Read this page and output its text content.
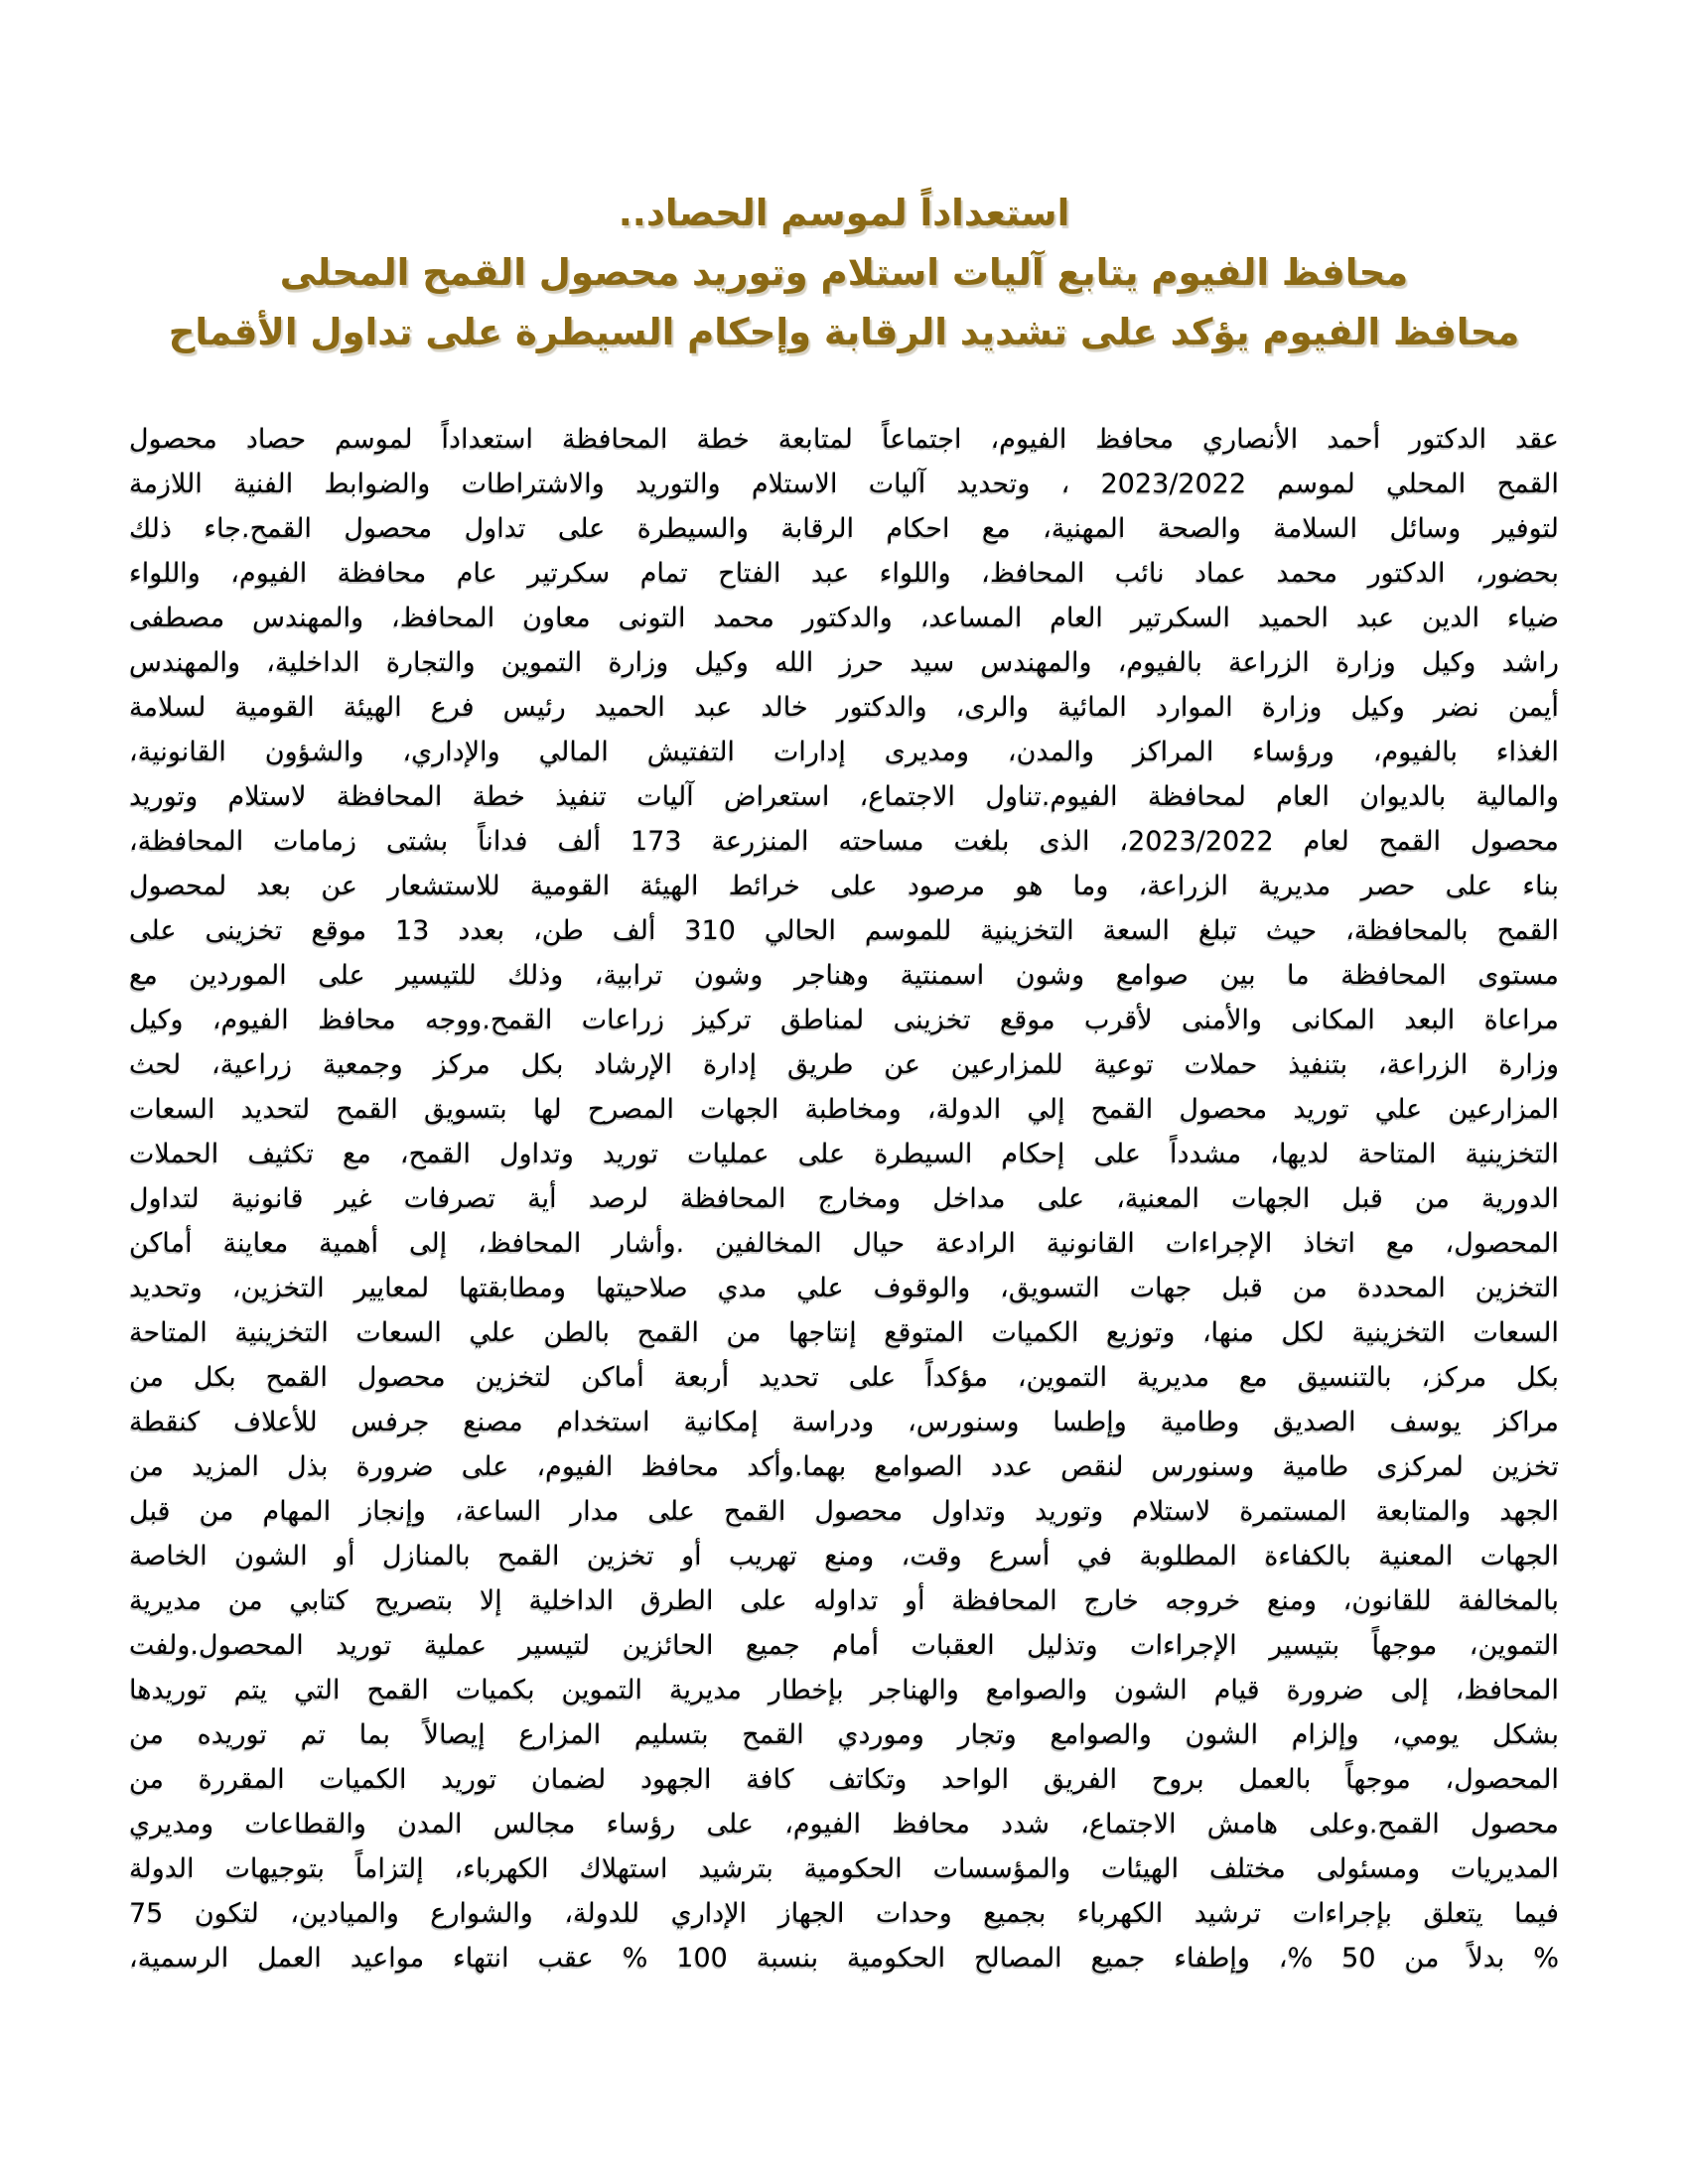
استعداداً لموسم الحصاد..
محافظ الفيوم يتابع آليات استلام وتوريد محصول القمح المحلى
محافظ الفيوم يؤكد على تشديد الرقابة وإحكام السيطرة على تداول الأقماح
عقد الدكتور أحمد الأنصاري محافظ الفيوم، اجتماعاً لمتابعة خطة المحافظة استعداداً لموسم حصاد محصول
القمح المحلي لموسم 2023/2022 ، وتحديد آليات الاستلام والتوريد والاشتراطات والضوابط الفنية اللازمة
لتوفير وسائل السلامة والصحة المهنية، مع احكام الرقابة والسيطرة على تداول محصول القمح.جاء ذلك
بحضور، الدكتور محمد عماد نائب المحافظ، واللواء عبد الفتاح تمام سكرتير عام محافظة الفيوم، واللواء
ضياء الدين عبد الحميد السكرتير العام المساعد، والدكتور محمد التونى معاون المحافظ، والمهندس مصطفى
راشد وكيل وزارة الزراعة بالفيوم، والمهندس سيد حرز الله وكيل وزارة التموين والتجارة الداخلية، والمهندس
أيمن نضر وكيل وزارة الموارد المائية والرى، والدكتور خالد عبد الحميد رئيس فرع الهيئة القومية لسلامة
الغذاء بالفيوم، ورؤساء المراكز والمدن، ومديرى إدارات التفتيش المالي والإداري، والشؤون القانونية،
والمالية بالديوان العام لمحافظة الفيوم.تناول الاجتماع، استعراض آليات تنفيذ خطة المحافظة لاستلام وتوريد
محصول القمح لعام 2023/2022، الذى بلغت مساحته المنزرعة 173 ألف فداناً بشتى زمامات المحافظة،
بناء على حصر مديرية الزراعة، وما هو مرصود على خرائط الهيئة القومية للاستشعار عن بعد لمحصول
القمح بالمحافظة، حيث تبلغ السعة التخزينية للموسم الحالي 310 ألف طن، بعدد 13 موقع تخزينى على
مستوى المحافظة ما بين صوامع وشون اسمنتية وهناجر وشون ترابية، وذلك للتيسير على الموردين مع
مراعاة البعد المكانى والأمنى لأقرب موقع تخزينى لمناطق تركيز زراعات القمح.ووجه محافظ الفيوم، وكيل
وزارة الزراعة، بتنفيذ حملات توعية للمزارعين عن طريق إدارة الإرشاد بكل مركز وجمعية زراعية، لحث
المزارعين علي توريد محصول القمح إلي الدولة، ومخاطبة الجهات المصرح لها بتسويق القمح لتحديد السعات
التخزينية المتاحة لديها، مشدداً على إحكام السيطرة على عمليات توريد وتداول القمح، مع تكثيف الحملات
الدورية من قبل الجهات المعنية، على مداخل ومخارج المحافظة لرصد أية تصرفات غير قانونية لتداول
المحصول، مع اتخاذ الإجراءات القانونية الرادعة حيال المخالفين .وأشار المحافظ، إلى أهمية معاينة أماكن
التخزين المحددة من قبل جهات التسويق، والوقوف علي مدي صلاحيتها ومطابقتها لمعايير التخزين، وتحديد
السعات التخزينية لكل منها، وتوزيع الكميات المتوقع إنتاجها من القمح بالطن علي السعات التخزينية المتاحة
بكل مركز، بالتنسيق مع مديرية التموين، مؤكداً على تحديد أربعة أماكن لتخزين محصول القمح بكل من
مراكز يوسف الصديق وطامية وإطسا وسنورس، ودراسة إمكانية استخدام مصنع جرفس للأعلاف كنقطة
تخزين لمركزى طامية وسنورس لنقص عدد الصوامع بهما.وأكد محافظ الفيوم، على ضرورة بذل المزيد من
الجهد والمتابعة المستمرة لاستلام وتوريد وتداول محصول القمح على مدار الساعة، وإنجاز المهام من قبل
الجهات المعنية بالكفاءة المطلوبة في أسرع وقت، ومنع تهريب أو تخزين القمح بالمنازل أو الشون الخاصة
بالمخالفة للقانون، ومنع خروجه خارج المحافظة أو تداوله على الطرق الداخلية إلا بتصريح كتابي من مديرية
التموين، موجهاً بتيسير الإجراءات وتذليل العقبات أمام جميع الحائزين لتيسير عملية توريد المحصول.ولفت
المحافظ، إلى ضرورة قيام الشون والصوامع والهناجر بإخطار مديرية التموين بكميات القمح التي يتم توريدها
بشكل يومي، وإلزام الشون والصوامع وتجار وموردي القمح بتسليم المزارع إيصالاً بما تم توريده من
المحصول، موجهاً بالعمل بروح الفريق الواحد وتكاتف كافة الجهود لضمان توريد الكميات المقررة من
محصول القمح.وعلى هامش الاجتماع، شدد محافظ الفيوم، على رؤساء مجالس المدن والقطاعات ومديري
المديريات ومسئولى مختلف الهيئات والمؤسسات الحكومية بترشيد استهلاك الكهرباء، إلتزاماً بتوجيهات الدولة
فيما يتعلق بإجراءات ترشيد الكهرباء بجميع وحدات الجهاز الإداري للدولة، والشوارع والميادين، لتكون 75
% بدلاً من 50 %، وإطفاء جميع المصالح الحكومية بنسبة 100 % عقب انتهاء مواعيد العمل الرسمية،
